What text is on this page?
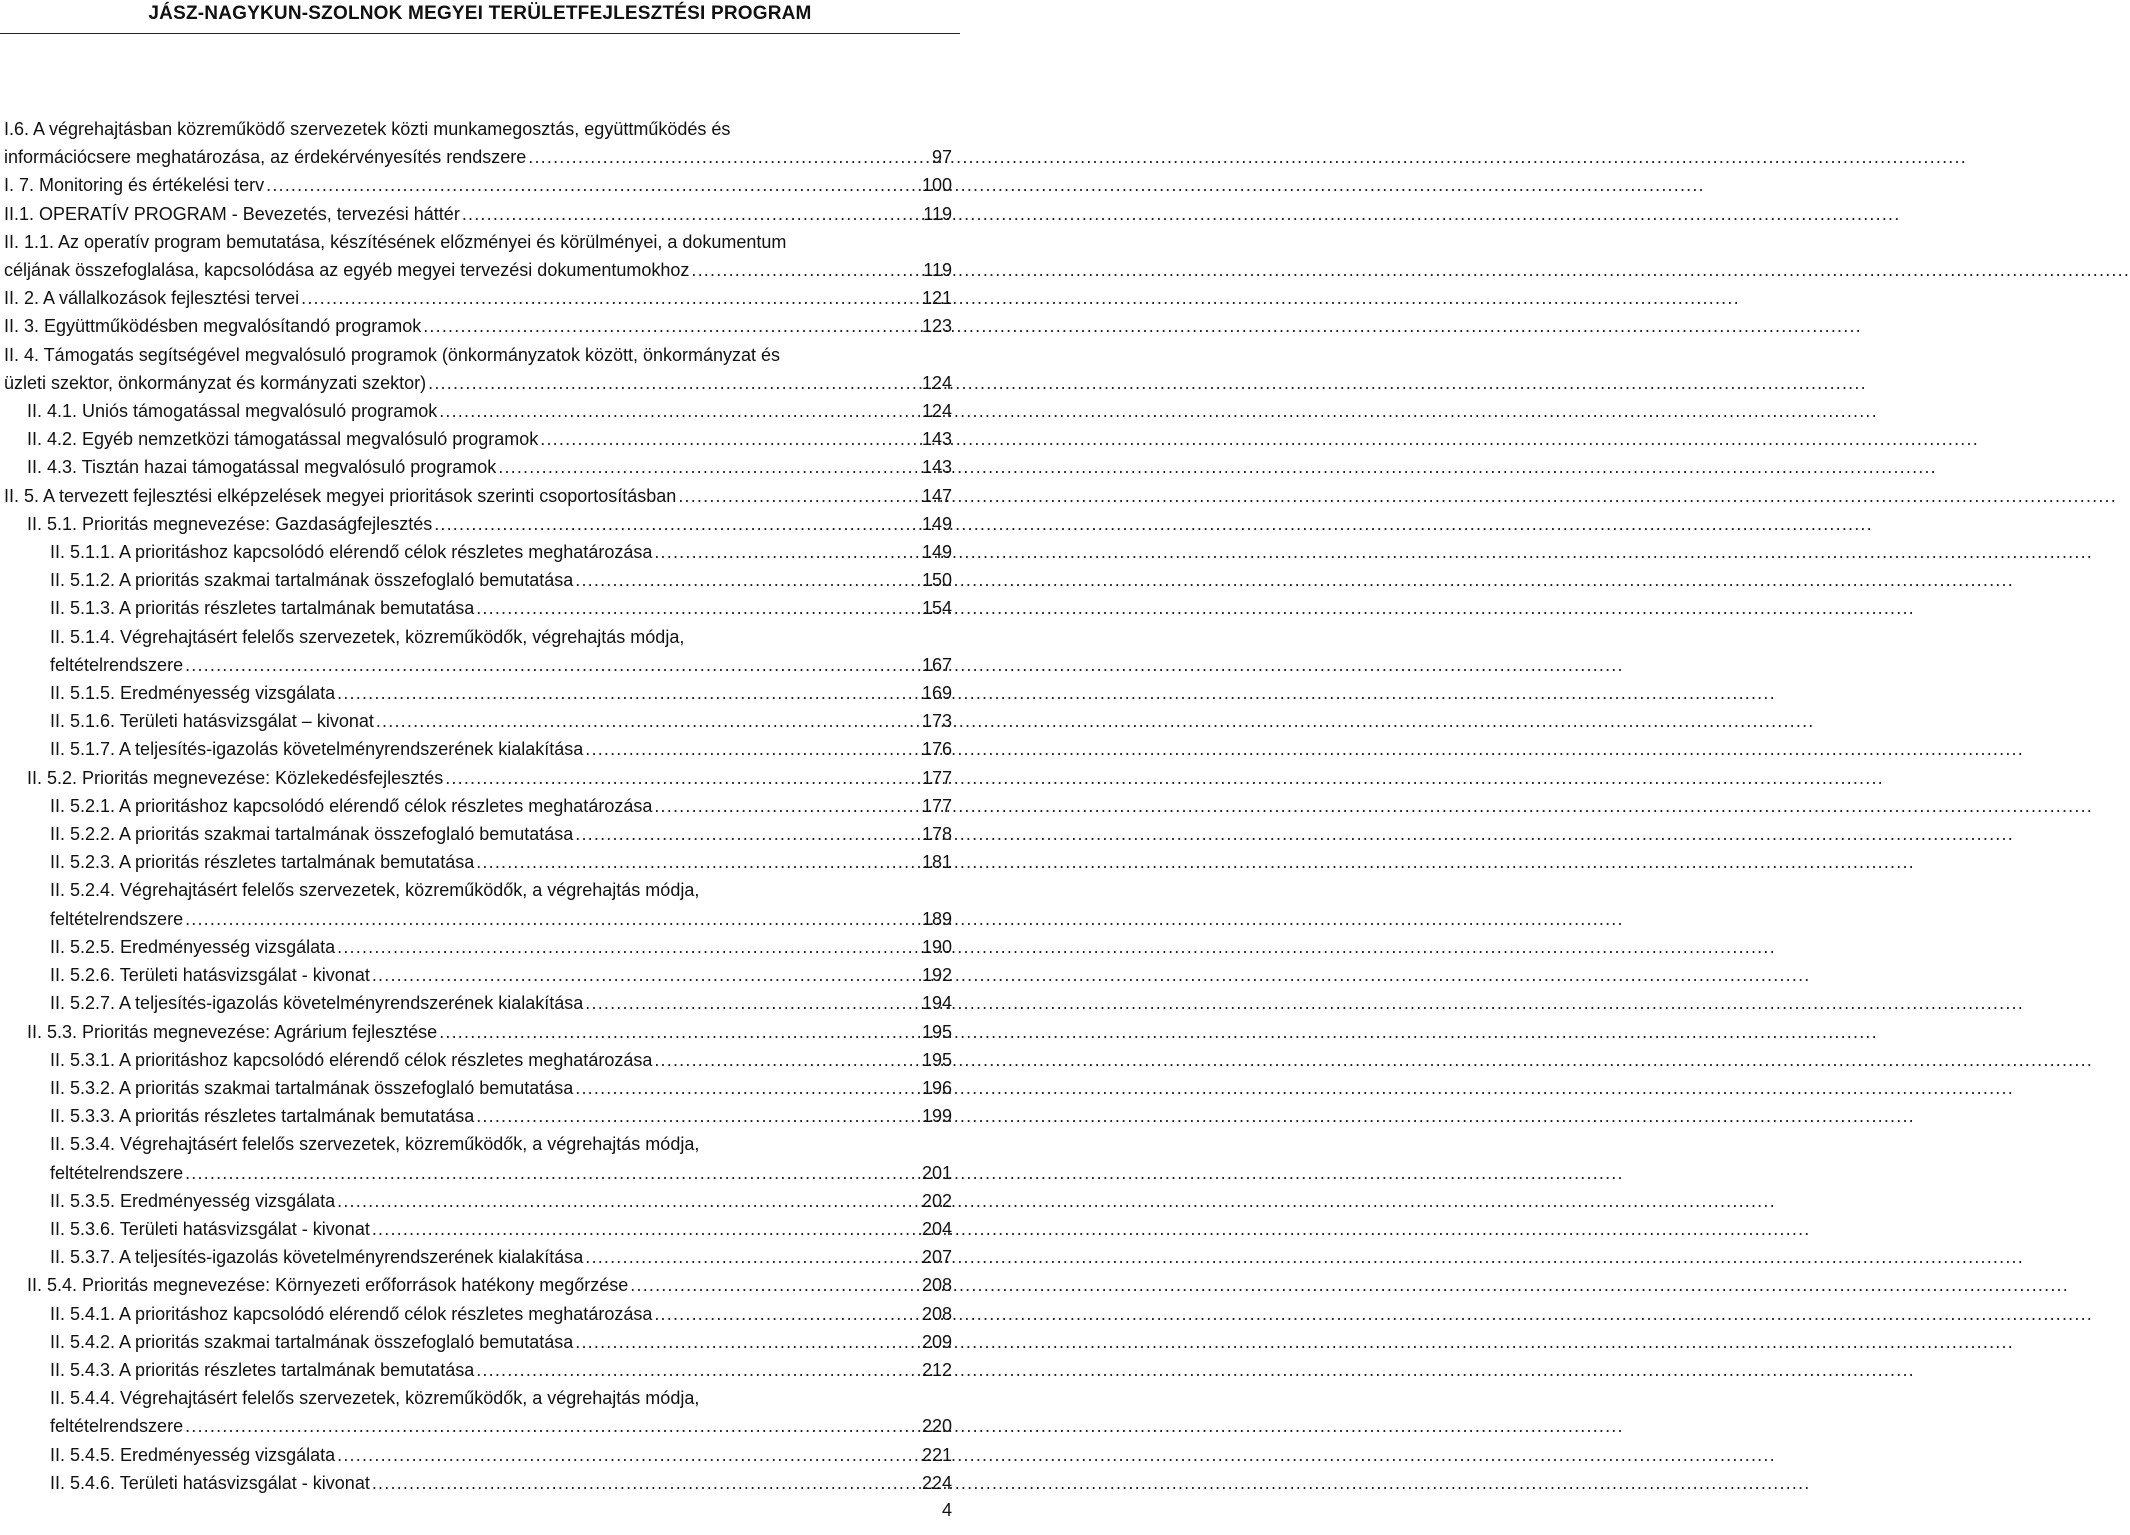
JÁSZ-NAGYKUN-SZOLNOK MEGYEI TERÜLETFEJLESZTÉSI PROGRAM
I.6. A végrehajtásban közreműködő szervezetek közti munkamegosztás, együttműködés és
információcsere meghatározása, az érdekérvényesítés rendszere .....	97
I. 7. Monitoring és értékelési terv .....	100
II.1. OPERATÍV PROGRAM - Bevezetés, tervezési háttér .....	119
II. 1.1. Az operatív program bemutatása, készítésének előzményei és körülményei, a dokumentum
céljának összefoglalása, kapcsolódása az egyéb megyei tervezési dokumentumokhoz .....	119
II. 2. A vállalkozások fejlesztési tervei .....	121
II. 3. Együttműködésben megvalósítandó programok .....	123
II. 4. Támogatás segítségével megvalósuló programok (önkormányzatok között, önkormányzat és
üzleti szektor, önkormányzat és kormányzati szektor) .....	124
II. 4.1. Uniós támogatással megvalósuló programok .....	124
II. 4.2. Egyéb nemzetközi támogatással megvalósuló programok .....	143
II. 4.3. Tisztán hazai támogatással megvalósuló programok .....	143
II. 5. A tervezett fejlesztési elképzelések megyei prioritások szerinti csoportosításban .....	147
II. 5.1. Prioritás megnevezése: Gazdaságfejlesztés .....	149
II. 5.1.1. A prioritáshoz kapcsolódó elérendő célok részletes meghatározása .....	149
II. 5.1.2. A prioritás szakmai tartalmának összefoglaló bemutatása .....	150
II. 5.1.3. A prioritás részletes tartalmának bemutatása .....	154
II. 5.1.4. Végrehajtásért felelős szervezetek, közreműködők, végrehajtás módja,
feltételrendszere .....	167
II. 5.1.5. Eredményesség vizsgálata .....	169
II. 5.1.6. Területi hatásvizsgálat – kivonat .....	173
II. 5.1.7. A teljesítés-igazolás követelményrendszerének kialakítása .....	176
II. 5.2. Prioritás megnevezése: Közlekedésfejlesztés .....	177
II. 5.2.1. A prioritáshoz kapcsolódó elérendő célok részletes meghatározása .....	177
II. 5.2.2. A prioritás szakmai tartalmának összefoglaló bemutatása .....	178
II. 5.2.3. A prioritás részletes tartalmának bemutatása .....	181
II. 5.2.4. Végrehajtásért felelős szervezetek, közreműködők, a végrehajtás módja,
feltételrendszere .....	189
II. 5.2.5. Eredményesség vizsgálata .....	190
II. 5.2.6. Területi hatásvizsgálat - kivonat .....	192
II. 5.2.7. A teljesítés-igazolás követelményrendszerének kialakítása .....	194
II. 5.3. Prioritás megnevezése: Agrárium fejlesztése .....	195
II. 5.3.1. A prioritáshoz kapcsolódó elérendő célok részletes meghatározása .....	195
II. 5.3.2. A prioritás szakmai tartalmának összefoglaló bemutatása .....	196
II. 5.3.3. A prioritás részletes tartalmának bemutatása .....	199
II. 5.3.4. Végrehajtásért felelős szervezetek, közreműködők, a végrehajtás módja,
feltételrendszere .....	201
II. 5.3.5. Eredményesség vizsgálata .....	202
II. 5.3.6. Területi hatásvizsgálat - kivonat .....	204
II. 5.3.7. A teljesítés-igazolás követelményrendszerének kialakítása .....	207
II. 5.4. Prioritás megnevezése: Környezeti erőforrások hatékony megőrzése .....	208
II. 5.4.1. A prioritáshoz kapcsolódó elérendő célok részletes meghatározása .....	208
II. 5.4.2. A prioritás szakmai tartalmának összefoglaló bemutatása .....	209
II. 5.4.3. A prioritás részletes tartalmának bemutatása .....	212
II. 5.4.4. Végrehajtásért felelős szervezetek, közreműködők, a végrehajtás módja,
feltételrendszere .....	220
II. 5.4.5. Eredményesség vizsgálata .....	221
II. 5.4.6. Területi hatásvizsgálat - kivonat .....	224
4
